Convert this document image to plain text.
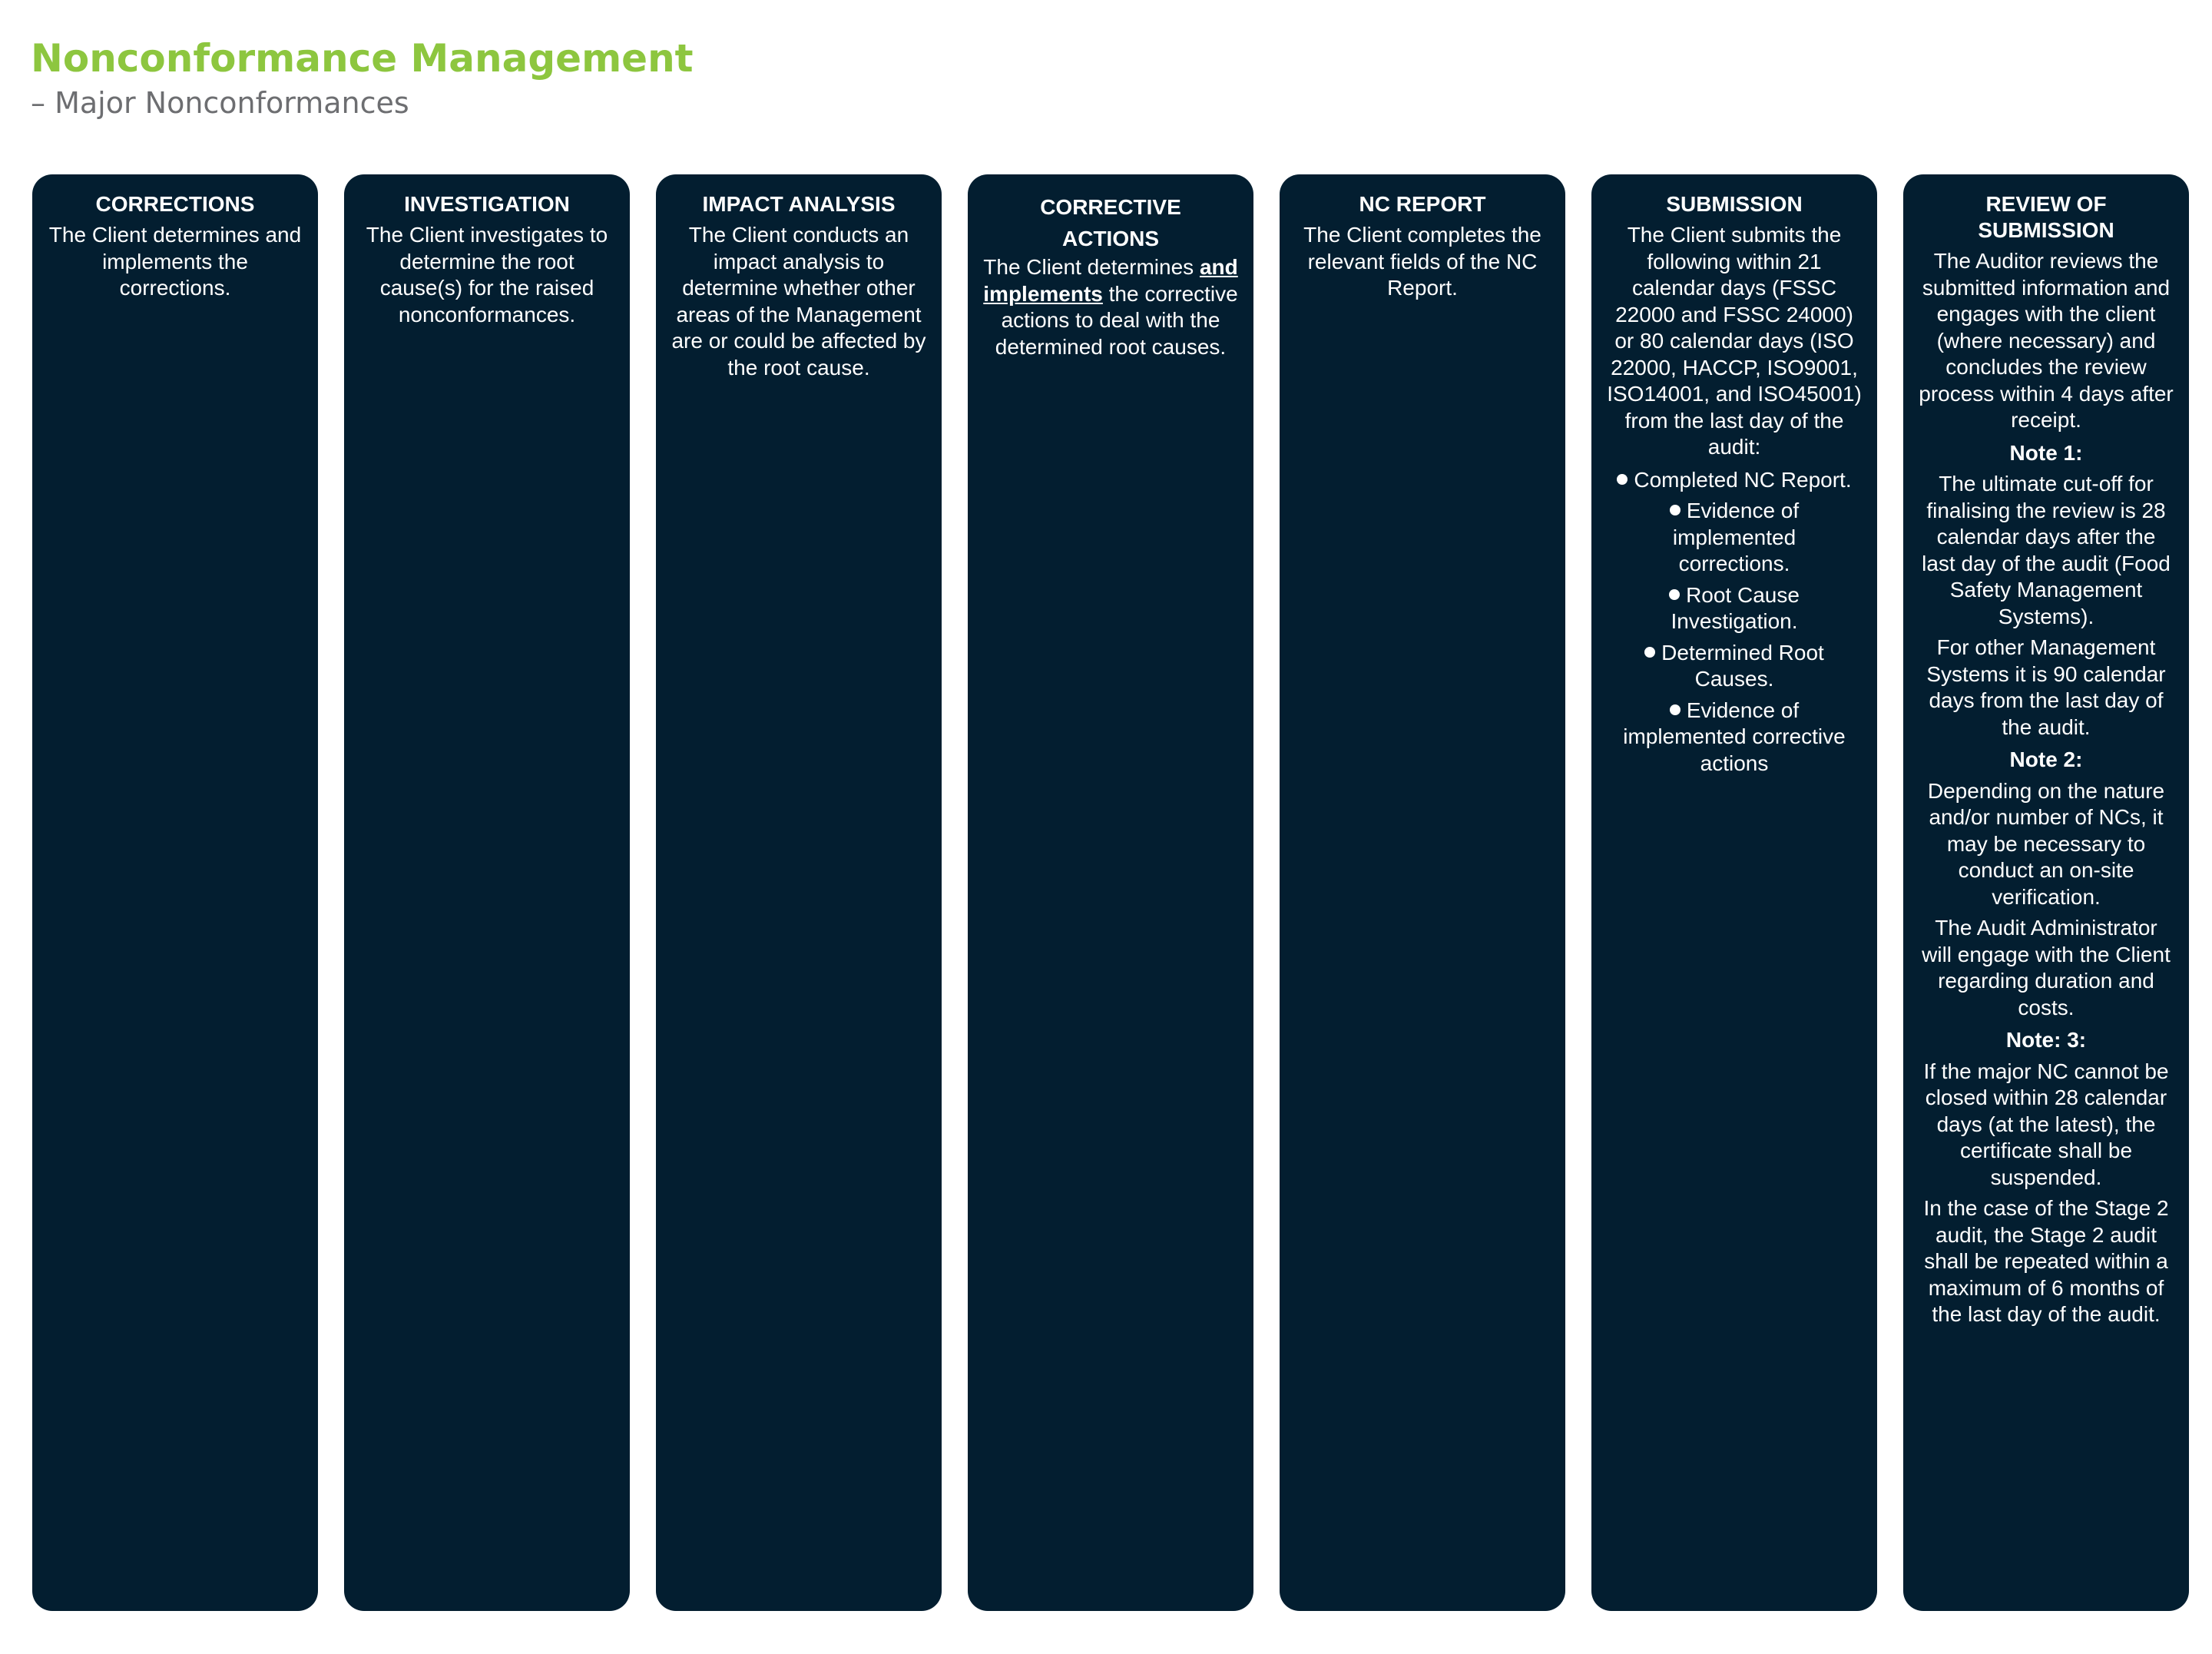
Nonconformance Management

– Major Nonconformances

CORRECTIONS

The Client determines and implements the corrections.

INVESTIGATION

The Client investigates to determine the root cause(s) for the raised nonconformances.

IMPACT ANALYSIS

The Client conducts an impact analysis to determine whether other areas of the Management are or could be affected by the root cause.

CORRECTIVE
ACTIONS

The Client determines and implements the corrective actions to deal with the determined root causes.

NC REPORT

The Client completes the relevant fields of the NC Report.

SUBMISSION

The Client submits the following within 21 calendar days (FSSC 22000 and FSSC 24000) or 80 calendar days (ISO 22000, HACCP, ISO9001, ISO14001, and ISO45001) from the last day of the audit:

Completed NC Report.
Evidence of implemented corrections.
Root Cause Investigation.
Determined Root Causes.
Evidence of implemented corrective actions

REVIEW OF
SUBMISSION

The Auditor reviews the submitted information and engages with the client (where necessary) and concludes the review process within 4 days after receipt.

Note 1:

The ultimate cut-off for finalising the review is 28 calendar days after the last day of the audit (Food Safety Management Systems).

For other Management Systems it is 90 calendar days from the last day of the audit.

Note 2:

Depending on the nature and/or number of NCs, it may be necessary to conduct an on-site verification.

The Audit Administrator will engage with the Client regarding duration and costs.

Note: 3:

If the major NC cannot be closed within 28 calendar days (at the latest), the certificate shall be suspended.

In the case of the Stage 2 audit, the Stage 2 audit shall be repeated within a maximum of 6 months of the last day of the audit.
